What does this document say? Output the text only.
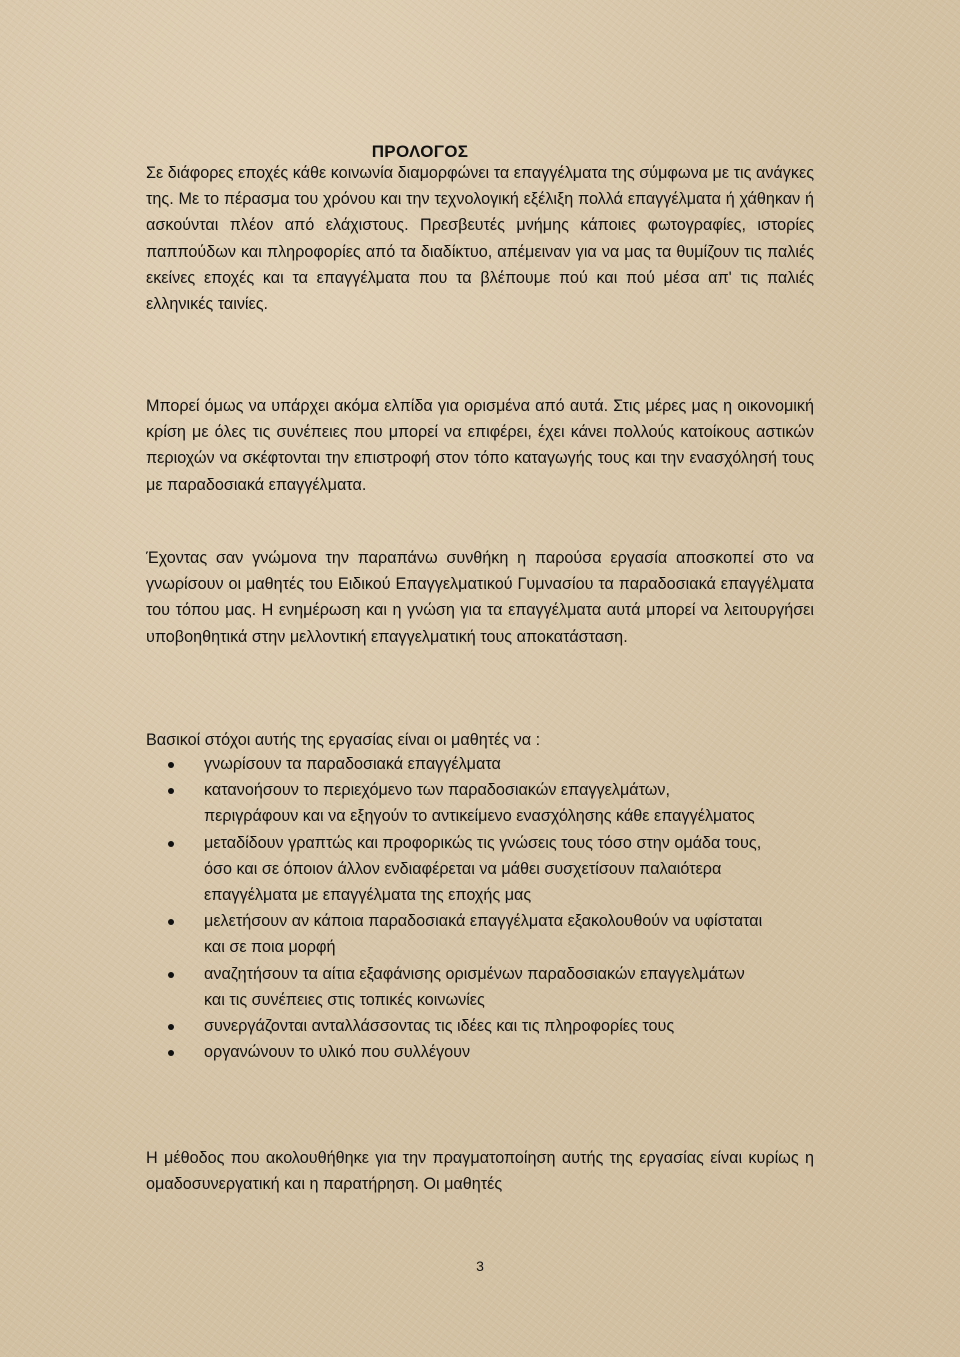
ΠΡΟΛΟΓΟΣ

Σε διάφορες εποχές κάθε κοινωνία διαμορφώνει τα επαγγέλματα της σύμφωνα με τις ανάγκες της. Με το πέρασμα του χρόνου και την τεχνολογική εξέλιξη πολλά επαγγέλματα ή χάθηκαν ή ασκούνται πλέον από ελάχιστους. Πρεσβευτές μνήμης κάποιες φωτογραφίες, ιστορίες παππούδων και πληροφορίες από τα διαδίκτυο, απέμειναν για να μας τα θυμίζουν τις παλιές εκείνες εποχές και τα επαγγέλματα που τα βλέπουμε πού και πού μέσα απ' τις παλιές ελληνικές ταινίες.

Μπορεί όμως να υπάρχει ακόμα ελπίδα για ορισμένα από αυτά. Στις μέρες μας η οικονομική κρίση με όλες τις συνέπειες που μπορεί να επιφέρει, έχει κάνει πολλούς κατοίκους αστικών περιοχών να σκέφτονται την επιστροφή στον τόπο καταγωγής τους και την ενασχόλησή τους με παραδοσιακά επαγγέλματα.

Έχοντας σαν γνώμονα την παραπάνω συνθήκη η παρούσα εργασία αποσκοπεί στο να γνωρίσουν οι μαθητές του Ειδικού Επαγγελματικού Γυμνασίου τα παραδοσιακά επαγγέλματα του τόπου μας. Η ενημέρωση και η γνώση για τα επαγγέλματα αυτά μπορεί να λειτουργήσει υποβοηθητικά στην μελλοντική επαγγελματική τους αποκατάσταση.

Βασικοί στόχοι αυτής της εργασίας είναι οι μαθητές να :

γνωρίσουν τα παραδοσιακά επαγγέλματα
κατανοήσουν το περιεχόμενο των παραδοσιακών επαγγελμάτων, περιγράφουν και να εξηγούν το αντικείμενο ενασχόλησης κάθε επαγγέλματος
μεταδίδουν γραπτώς και προφορικώς τις γνώσεις τους τόσο στην ομάδα τους, όσο και σε όποιον άλλον ενδιαφέρεται να μάθει συσχετίσουν παλαιότερα επαγγέλματα με επαγγέλματα της εποχής μας
μελετήσουν αν κάποια παραδοσιακά επαγγέλματα εξακολουθούν να υφίσταται και σε ποια μορφή
αναζητήσουν τα αίτια εξαφάνισης ορισμένων παραδοσιακών επαγγελμάτων και τις συνέπειες στις τοπικές κοινωνίες
συνεργάζονται ανταλλάσσοντας τις ιδέες και τις πληροφορίες τους
οργανώνουν το υλικό που συλλέγουν

Η μέθοδος που ακολουθήθηκε για την πραγματοποίηση αυτής της εργασίας είναι κυρίως η ομαδοσυνεργατική και η παρατήρηση. Οι μαθητές

3
